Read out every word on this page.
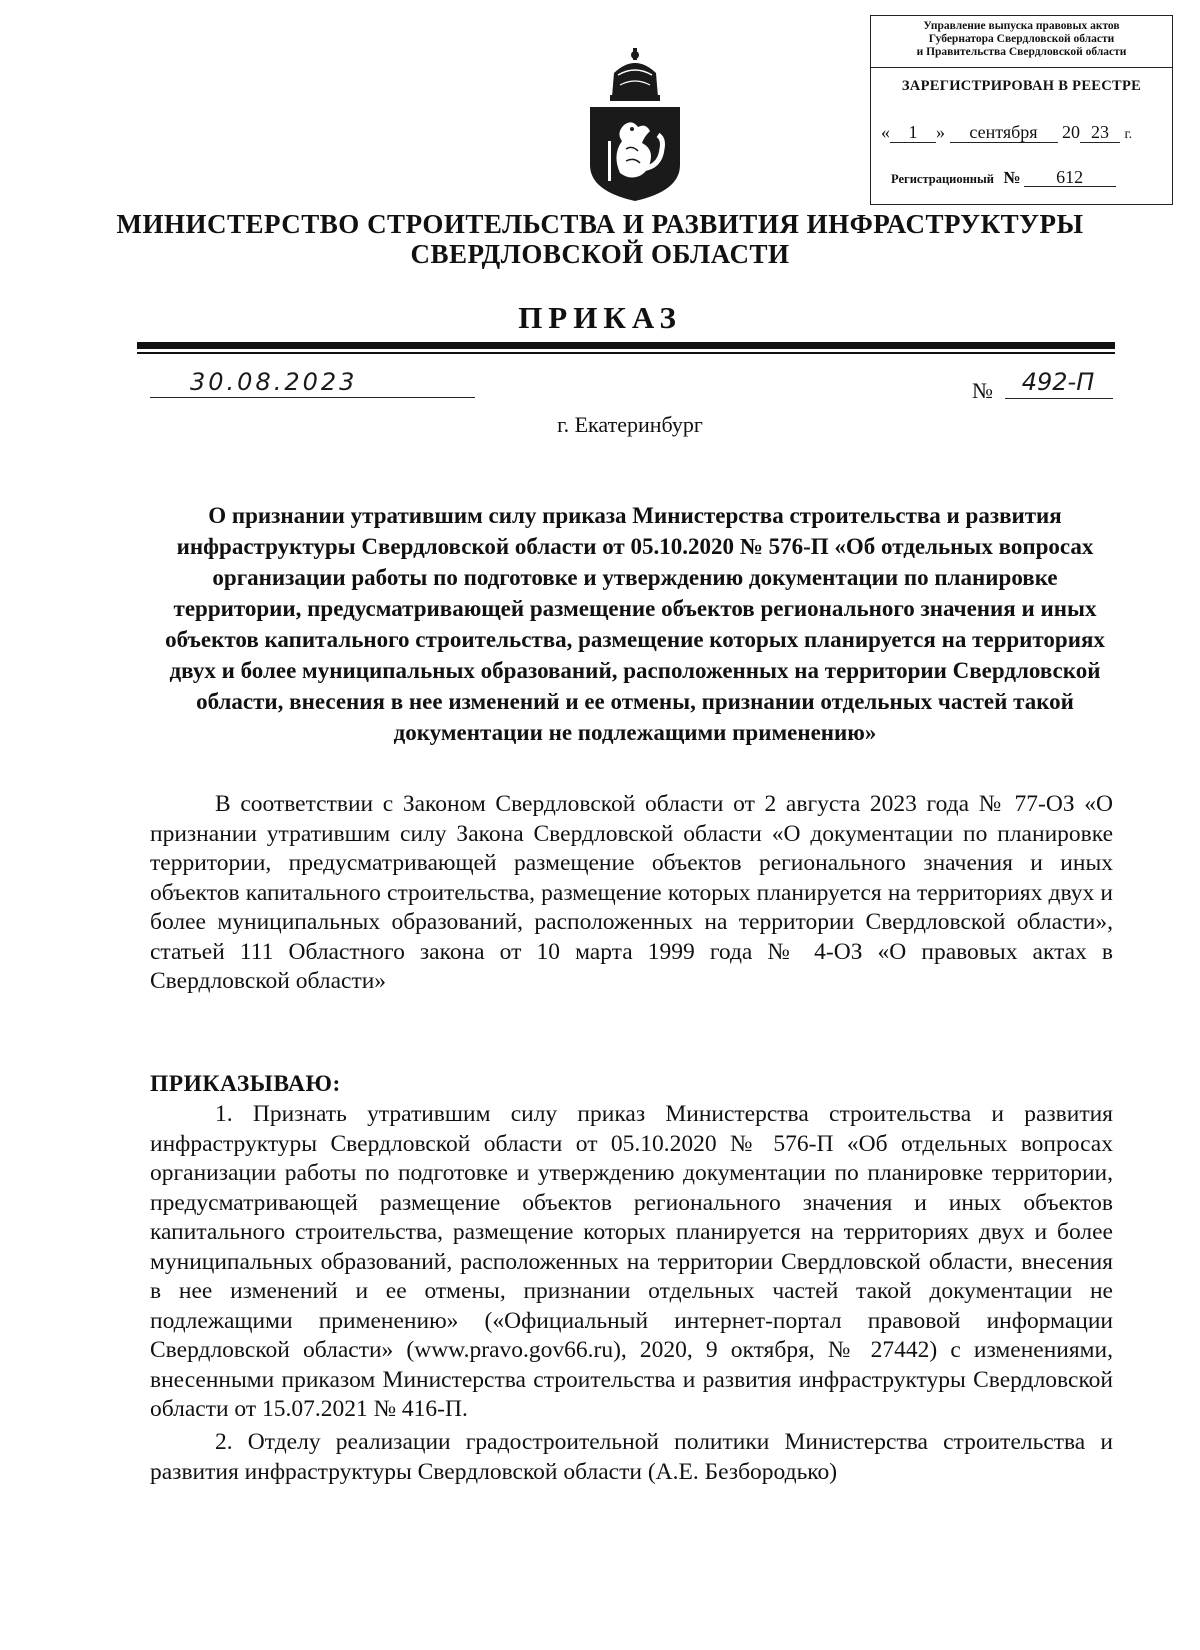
Управление выпуска правовых актов
Губернатора Свердловской области
и Правительства Свердловской области
ЗАРЕГИСТРИРОВАН В РЕЕСТРЕ
« 1 » сентября 20 23 г.
Регистрационный № 612
МИНИСТЕРСТВО СТРОИТЕЛЬСТВА И РАЗВИТИЯ ИНФРАСТРУКТУРЫ
СВЕРДЛОВСКОЙ ОБЛАСТИ
ПРИКАЗ
30.08.2023	№	492-П
г. Екатеринбург
О признании утратившим силу приказа Министерства строительства и развития инфраструктуры Свердловской области от 05.10.2020 № 576-П «Об отдельных вопросах организации работы по подготовке и утверждению документации по планировке территории, предусматривающей размещение объектов регионального значения и иных объектов капитального строительства, размещение которых планируется на территориях двух и более муниципальных образований, расположенных на территории Свердловской области, внесения в нее изменений и ее отмены, признании отдельных частей такой документации не подлежащими применению»
В соответствии с Законом Свердловской области от 2 августа 2023 года № 77-ОЗ «О признании утратившим силу Закона Свердловской области «О документации по планировке территории, предусматривающей размещение объектов регионального значения и иных объектов капитального строительства, размещение которых планируется на территориях двух и более муниципальных образований, расположенных на территории Свердловской области», статьей 111 Областного закона от 10 марта 1999 года № 4-ОЗ «О правовых актах в Свердловской области»
ПРИКАЗЫВАЮ:
1. Признать утратившим силу приказ Министерства строительства и развития инфраструктуры Свердловской области от 05.10.2020 № 576-П «Об отдельных вопросах организации работы по подготовке и утверждению документации по планировке территории, предусматривающей размещение объектов регионального значения и иных объектов капитального строительства, размещение которых планируется на территориях двух и более муниципальных образований, расположенных на территории Свердловской области, внесения в нее изменений и ее отмены, признании отдельных частей такой документации не подлежащими применению» («Официальный интернет-портал правовой информации Свердловской области» (www.pravo.gov66.ru), 2020, 9 октября, № 27442) с изменениями, внесенными приказом Министерства строительства и развития инфраструктуры Свердловской области от 15.07.2021 № 416-П.
2. Отделу реализации градостроительной политики Министерства строительства и развития инфраструктуры Свердловской области (А.Е. Безбородько)
